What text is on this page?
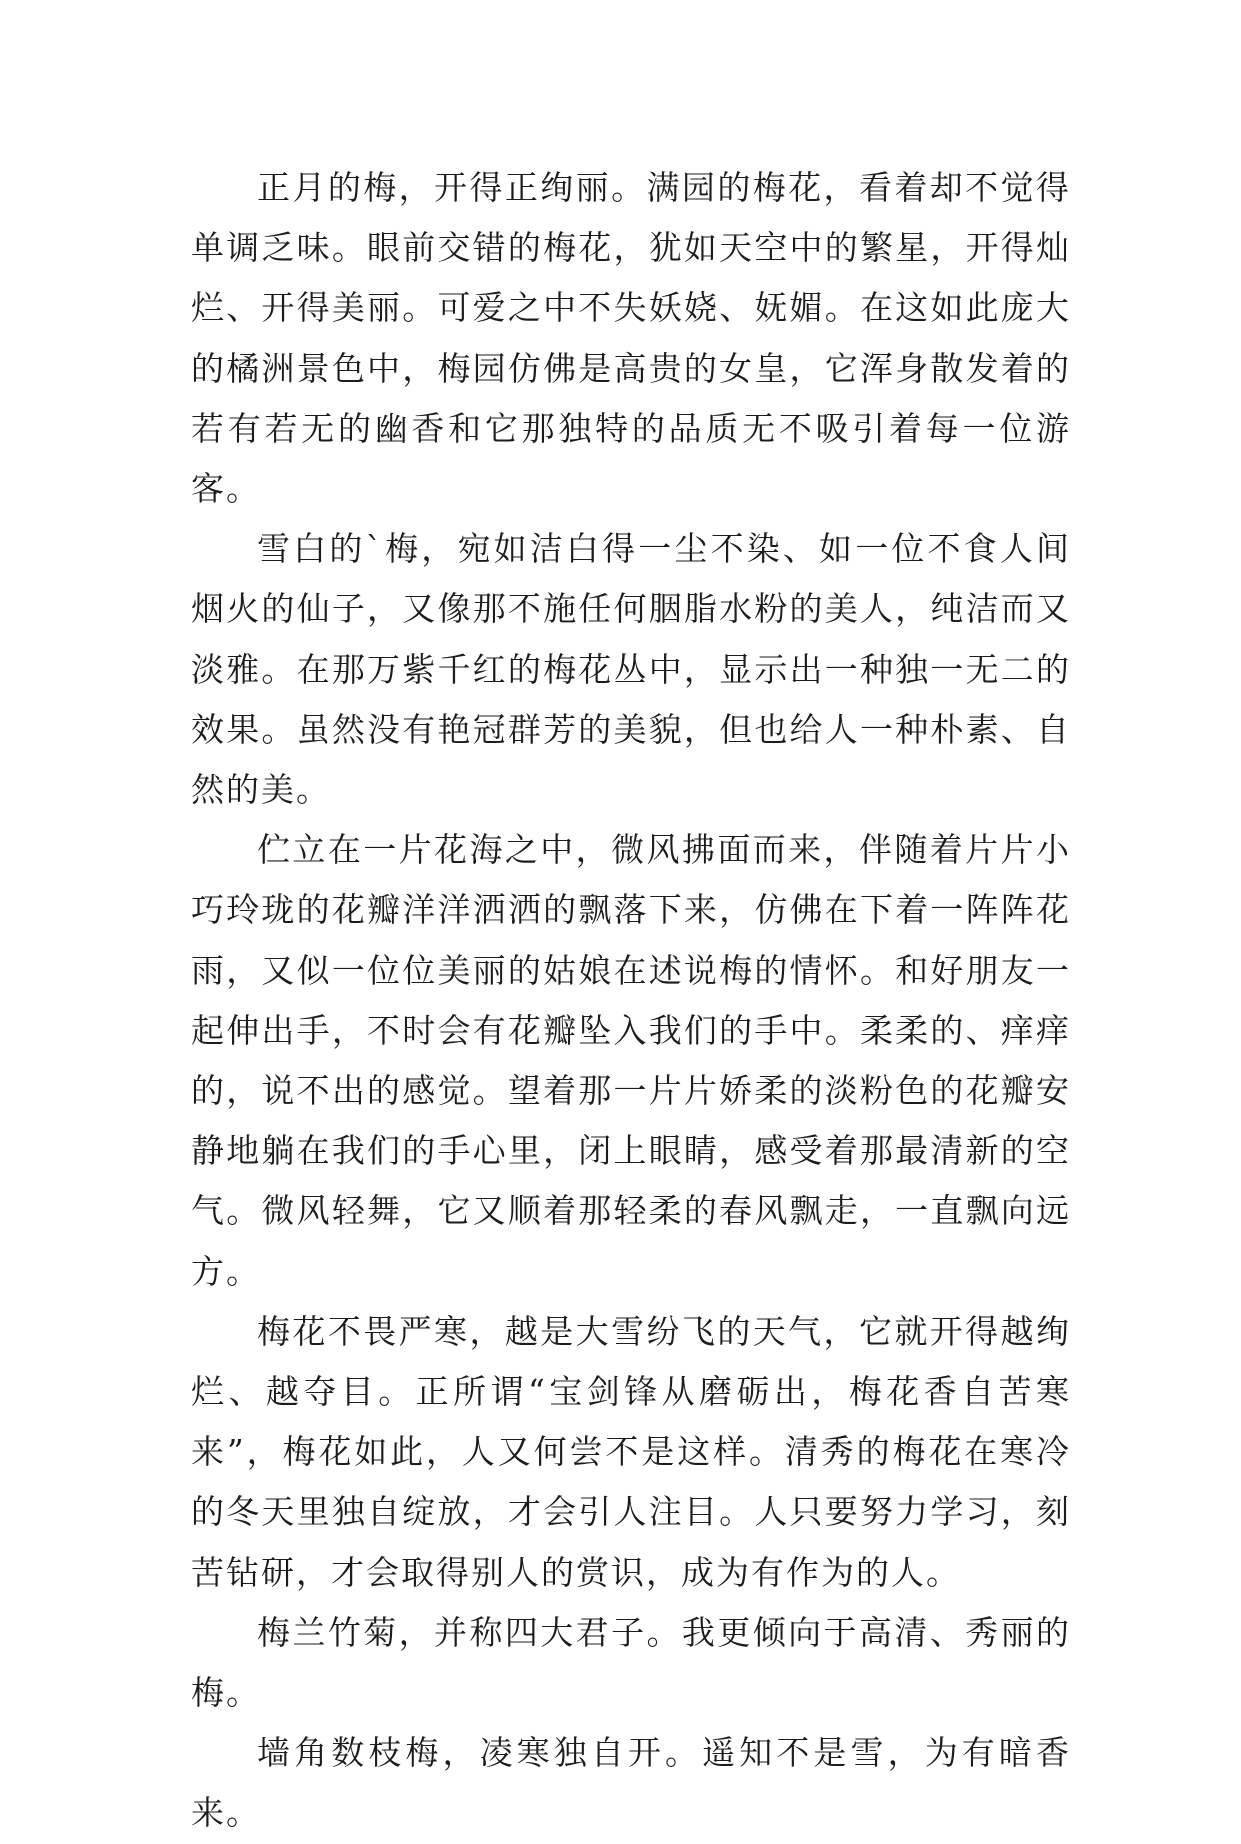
正月的梅，开得正绚丽。满园的梅花，看着却不觉得单调乏味。眼前交错的梅花，犹如天空中的繁星，开得灿烂、开得美丽。可爱之中不失妖娆、妩媚。在这如此庞大的橘洲景色中，梅园仿佛是高贵的女皇，它浑身散发着的若有若无的幽香和它那独特的品质无不吸引着每一位游客。

雪白的`梅，宛如洁白得一尘不染、如一位不食人间烟火的仙子，又像那不施任何胭脂水粉的美人，纯洁而又淡雅。在那万紫千红的梅花丛中，显示出一种独一无二的效果。虽然没有艳冠群芳的美貌，但也给人一种朴素、自然的美。

伫立在一片花海之中，微风拂面而来，伴随着片片小巧玲珑的花瓣洋洋洒洒的飘落下来，仿佛在下着一阵阵花雨，又似一位位美丽的姑娘在述说梅的情怀。和好朋友一起伸出手，不时会有花瓣坠入我们的手中。柔柔的、痒痒的，说不出的感觉。望着那一片片娇柔的淡粉色的花瓣安静地躺在我们的手心里，闭上眼睛，感受着那最清新的空气。微风轻舞，它又顺着那轻柔的春风飘走，一直飘向远方。

梅花不畏严寒，越是大雪纷飞的天气，它就开得越绚烂、越夺目。正所谓“宝剑锋从磨砺出，梅花香自苦寒来”，梅花如此，人又何尝不是这样。清秀的梅花在寒冷的冬天里独自绽放，才会引人注目。人只要努力学习，刻苦钻研，才会取得别人的赏识，成为有作为的人。

梅兰竹菊，并称四大君子。我更倾向于高清、秀丽的梅。

墙角数枝梅，凌寒独自开。遥知不是雪，为有暗香来。
